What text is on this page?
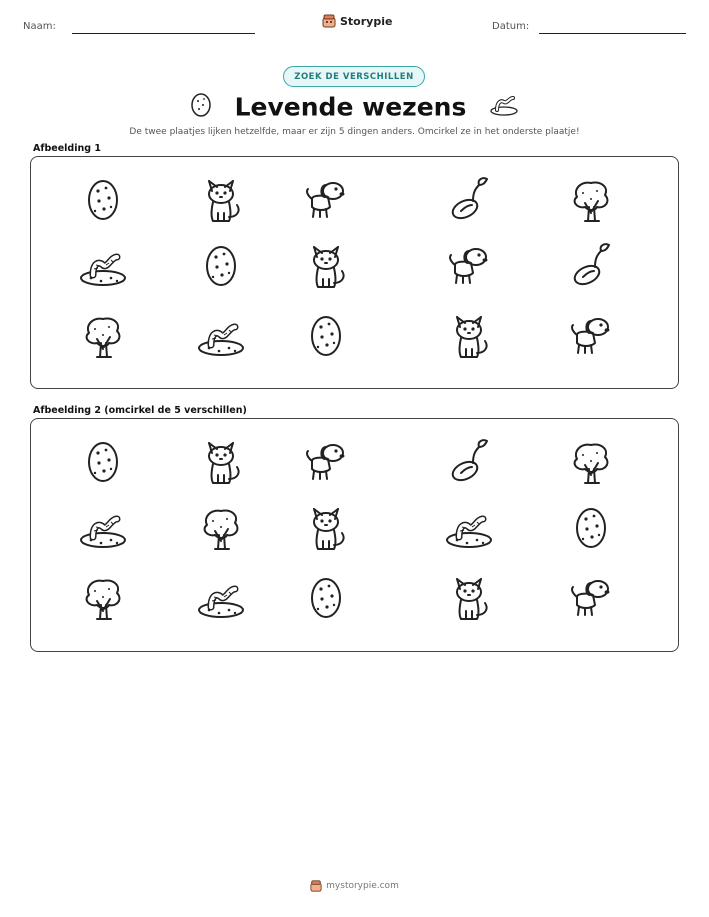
Naam:	Storypie	Datum:
ZOEK DE VERSCHILLEN
Levende wezens
De twee plaatjes lijken hetzelfde, maar er zijn 5 dingen anders. Omcirkel ze in het onderste plaatje!
Afbeelding 1
Afbeelding 2 (omcirkel de 5 verschillen)
mystorypie.com
